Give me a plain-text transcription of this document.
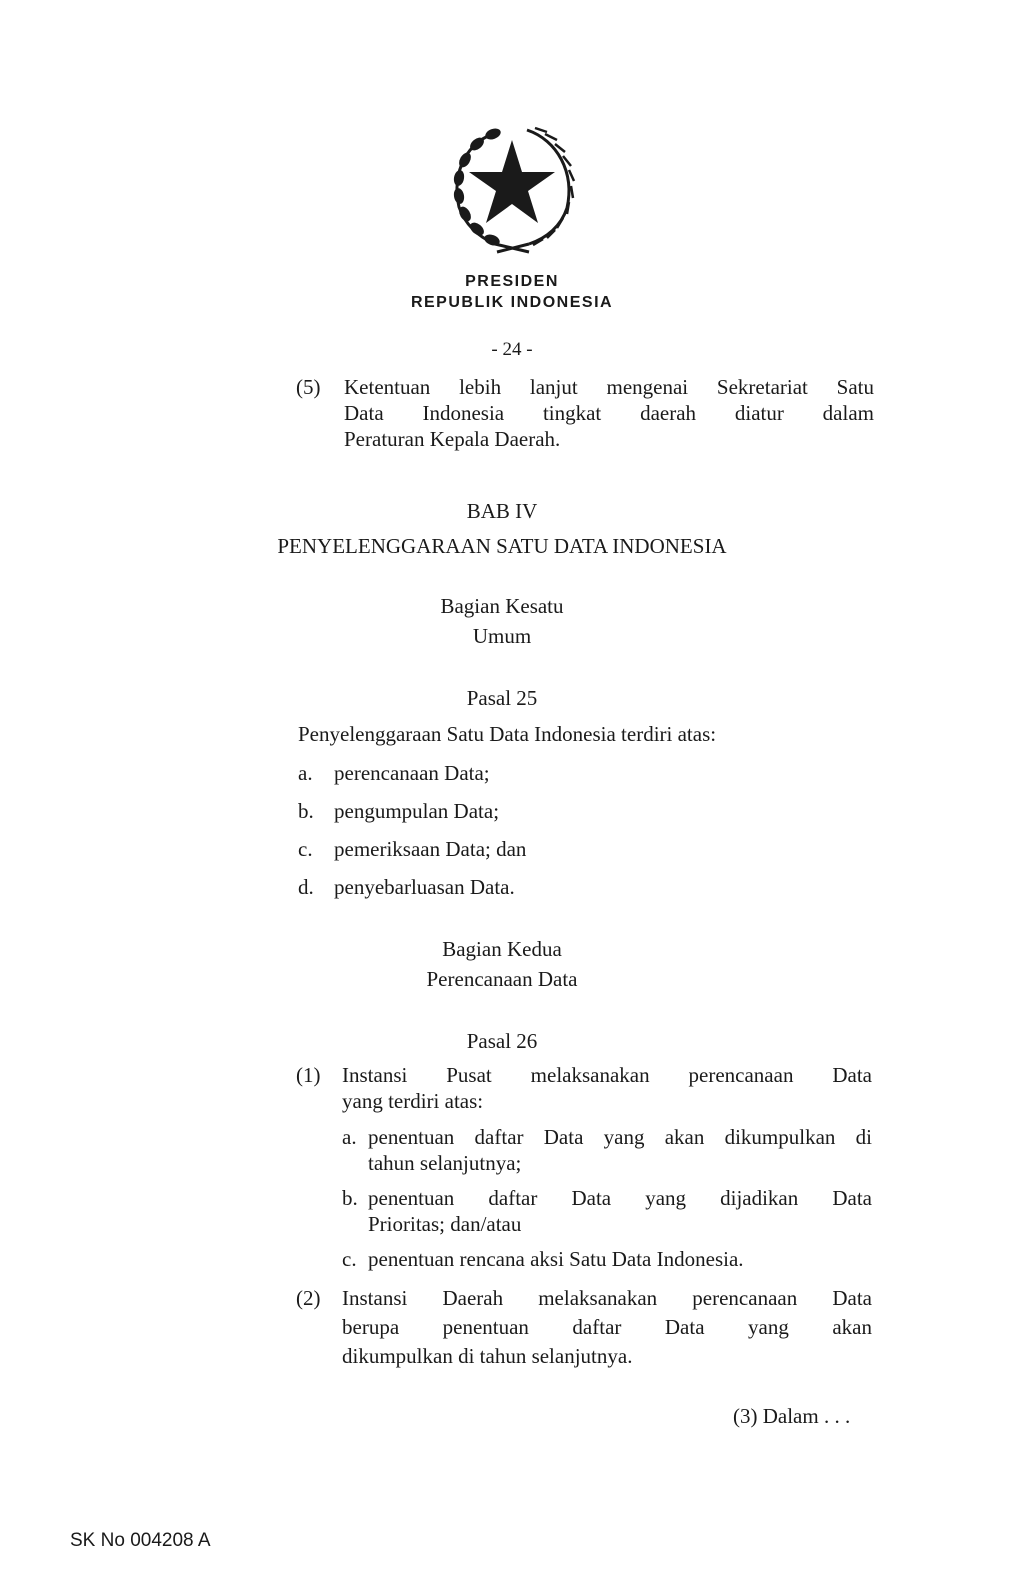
PRESIDEN
REPUBLIK INDONESIA
- 24 -
(5) Ketentuan lebih lanjut mengenai Sekretariat Satu
Data Indonesia tingkat daerah diatur dalam
Peraturan Kepala Daerah.
BAB IV
PENYELENGGARAAN SATU DATA INDONESIA
Bagian Kesatu
Umum
Pasal 25
Penyelenggaraan Satu Data Indonesia terdiri atas:
a. perencanaan Data;
b. pengumpulan Data;
c. pemeriksaan Data; dan
d. penyebarluasan Data.
Bagian Kedua
Perencanaan Data
Pasal 26
(1) Instansi Pusat melaksanakan perencanaan Data
yang terdiri atas:
a. penentuan daftar Data yang akan dikumpulkan di
tahun selanjutnya;
b. penentuan daftar Data yang dijadikan Data
Prioritas; dan/atau
c. penentuan rencana aksi Satu Data Indonesia.
(2) Instansi Daerah melaksanakan perencanaan Data
berupa penentuan daftar Data yang akan
dikumpulkan di tahun selanjutnya.
(3) Dalam . . .
SK No 004208 A
